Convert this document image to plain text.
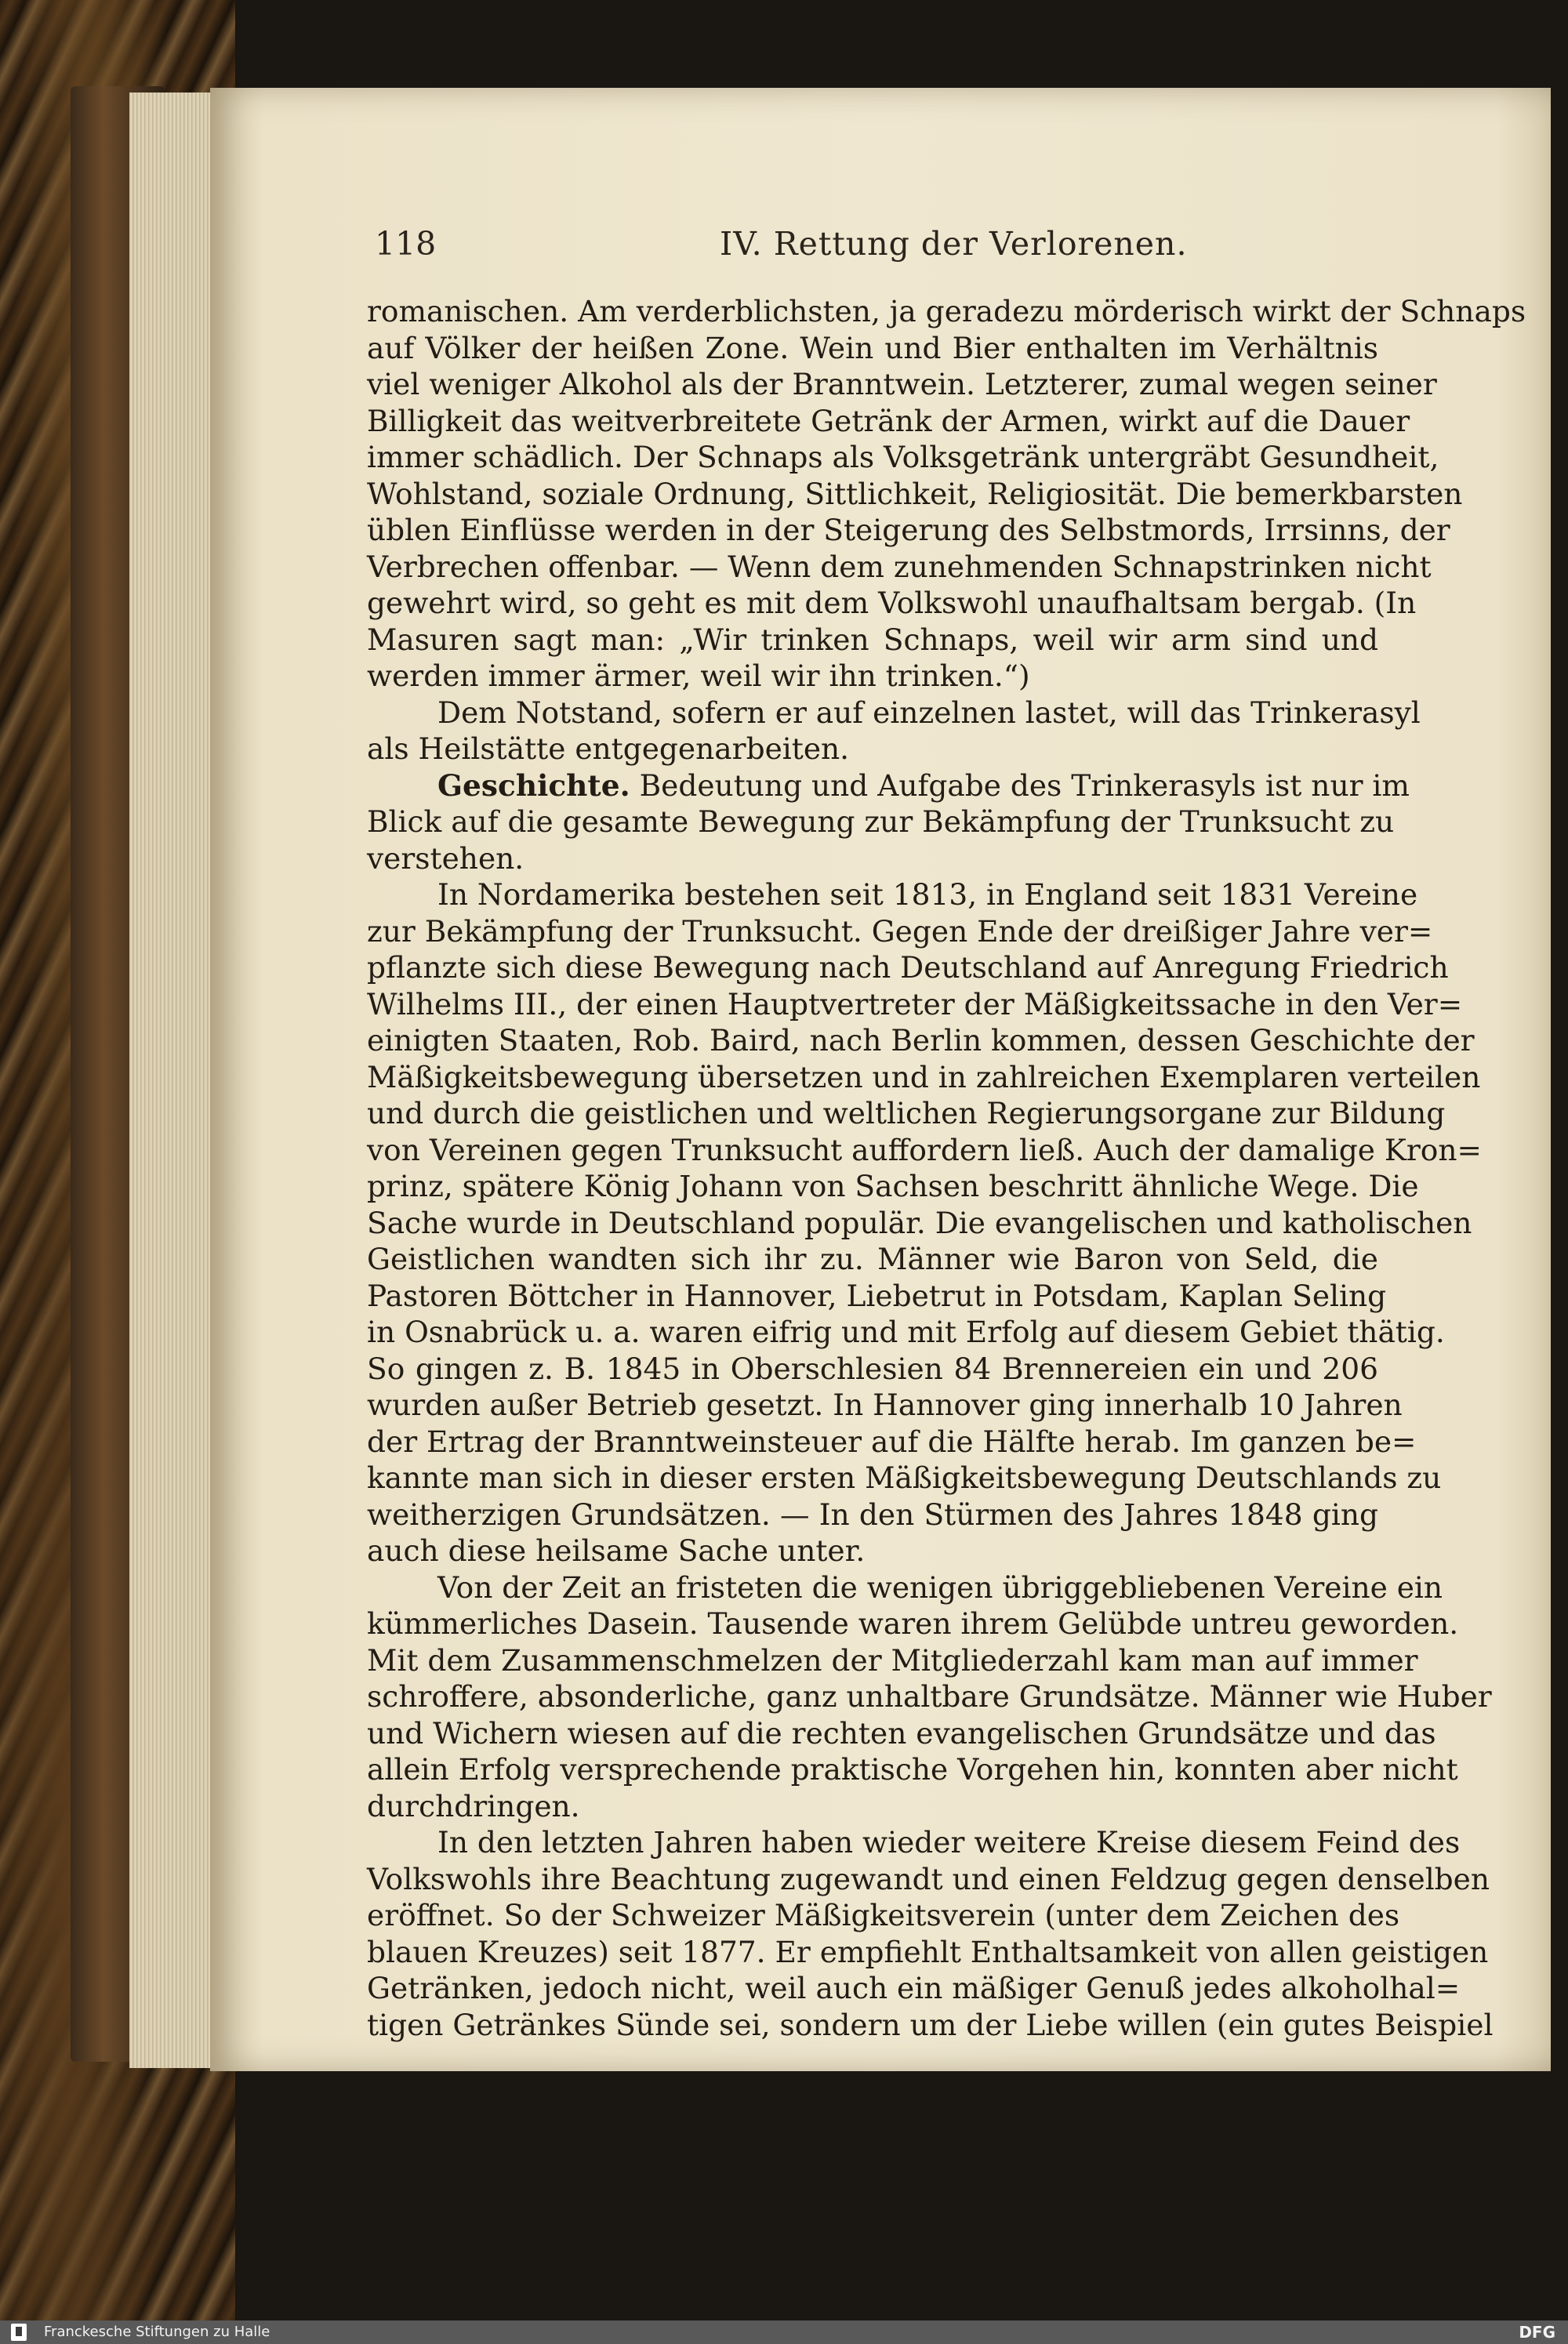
118	IV. Rettung der Verlorenen.
romanischen. Am verderblichsten, ja geradezu mörderisch wirkt der Schnaps
auf Völker der heißen Zone. Wein und Bier enthalten im Verhältnis
viel weniger Alkohol als der Branntwein. Letzterer, zumal wegen seiner
Billigkeit das weitverbreitete Getränk der Armen, wirkt auf die Dauer
immer schädlich. Der Schnaps als Volksgetränk untergräbt Gesundheit,
Wohlstand, soziale Ordnung, Sittlichkeit, Religiosität. Die bemerkbarsten
üblen Einflüsse werden in der Steigerung des Selbstmords, Irrsinns, der
Verbrechen offenbar. — Wenn dem zunehmenden Schnapstrinken nicht
gewehrt wird, so geht es mit dem Volkswohl unaufhaltsam bergab. (In
Masuren sagt man: „Wir trinken Schnaps, weil wir arm sind und
werden immer ärmer, weil wir ihn trinken.“)
Dem Notstand, sofern er auf einzelnen lastet, will das Trinkerasyl
als Heilstätte entgegenarbeiten.
Geschichte. Bedeutung und Aufgabe des Trinkerasyls ist nur im
Blick auf die gesamte Bewegung zur Bekämpfung der Trunksucht zu
verstehen.
In Nordamerika bestehen seit 1813, in England seit 1831 Vereine
zur Bekämpfung der Trunksucht. Gegen Ende der dreißiger Jahre ver=
pflanzte sich diese Bewegung nach Deutschland auf Anregung Friedrich
Wilhelms III., der einen Hauptvertreter der Mäßigkeitssache in den Ver=
einigten Staaten, Rob. Baird, nach Berlin kommen, dessen Geschichte der
Mäßigkeitsbewegung übersetzen und in zahlreichen Exemplaren verteilen
und durch die geistlichen und weltlichen Regierungsorgane zur Bildung
von Vereinen gegen Trunksucht auffordern ließ. Auch der damalige Kron=
prinz, spätere König Johann von Sachsen beschritt ähnliche Wege. Die
Sache wurde in Deutschland populär. Die evangelischen und katholischen
Geistlichen wandten sich ihr zu. Männer wie Baron von Seld, die
Pastoren Böttcher in Hannover, Liebetrut in Potsdam, Kaplan Seling
in Osnabrück u. a. waren eifrig und mit Erfolg auf diesem Gebiet thätig.
So gingen z. B. 1845 in Oberschlesien 84 Brennereien ein und 206
wurden außer Betrieb gesetzt. In Hannover ging innerhalb 10 Jahren
der Ertrag der Branntweinsteuer auf die Hälfte herab. Im ganzen be=
kannte man sich in dieser ersten Mäßigkeitsbewegung Deutschlands zu
weitherzigen Grundsätzen. — In den Stürmen des Jahres 1848 ging
auch diese heilsame Sache unter.
Von der Zeit an fristeten die wenigen übriggebliebenen Vereine ein
kümmerliches Dasein. Tausende waren ihrem Gelübde untreu geworden.
Mit dem Zusammenschmelzen der Mitgliederzahl kam man auf immer
schroffere, absonderliche, ganz unhaltbare Grundsätze. Männer wie Huber
und Wichern wiesen auf die rechten evangelischen Grundsätze und das
allein Erfolg versprechende praktische Vorgehen hin, konnten aber nicht
durchdringen.
In den letzten Jahren haben wieder weitere Kreise diesem Feind des
Volkswohls ihre Beachtung zugewandt und einen Feldzug gegen denselben
eröffnet. So der Schweizer Mäßigkeitsverein (unter dem Zeichen des
blauen Kreuzes) seit 1877. Er empfiehlt Enthaltsamkeit von allen geistigen
Getränken, jedoch nicht, weil auch ein mäßiger Genuß jedes alkoholhal=
tigen Getränkes Sünde sei, sondern um der Liebe willen (ein gutes Beispiel
Franckesche Stiftungen zu Halle	DFG
